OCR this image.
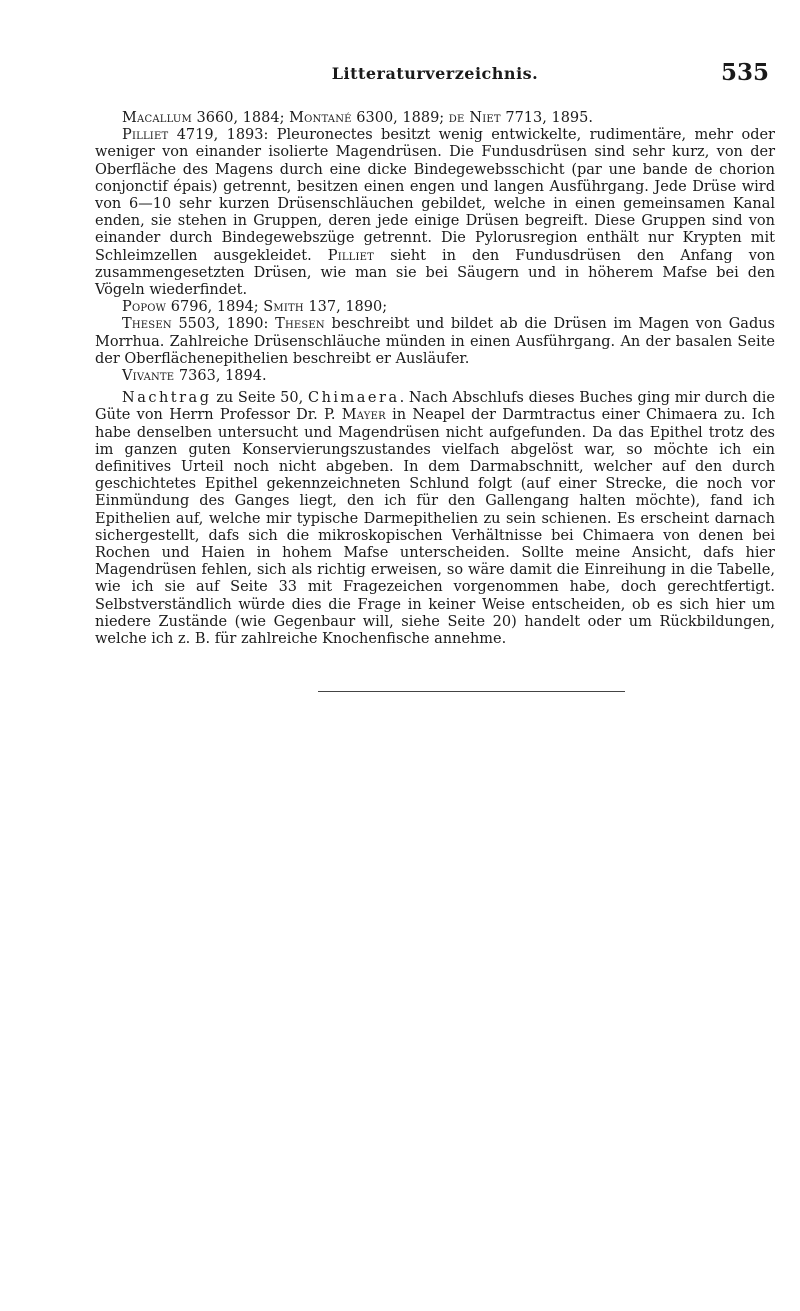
Litteraturverzeichnis.	535

Macallum 3660, 1884; Montané 6300, 1889; de Niet 7713, 1895.

Pilliet 4719, 1893: Pleuronectes besitzt wenig entwickelte, rudimentäre, mehr oder weniger von einander isolierte Magendrüsen. Die Fundusdrüsen sind sehr kurz, von der Oberfläche des Magens durch eine dicke Bindegewebsschicht (par une bande de chorion conjonctif épais) getrennt, besitzen einen engen und langen Ausführgang. Jede Drüse wird von 6—10 sehr kurzen Drüsenschläuchen gebildet, welche in einen gemeinsamen Kanal enden, sie stehen in Gruppen, deren jede einige Drüsen begreift. Diese Gruppen sind von einander durch Bindegewebszüge getrennt. Die Pylorusregion enthält nur Krypten mit Schleimzellen ausgekleidet. Pilliet sieht in den Fundusdrüsen den Anfang von zusammengesetzten Drüsen, wie man sie bei Säugern und in höherem Mafse bei den Vögeln wiederfindet.

Popow 6796, 1894; Smith 137, 1890;

Thesen 5503, 1890: Thesen beschreibt und bildet ab die Drüsen im Magen von Gadus Morrhua. Zahlreiche Drüsenschläuche münden in einen Ausführgang. An der basalen Seite der Oberflächenepithelien beschreibt er Ausläufer.

Vivante 7363, 1894.

Nachtrag zu Seite 50, Chimaera. Nach Abschlufs dieses Buches ging mir durch die Güte von Herrn Professor Dr. P. Mayer in Neapel der Darmtractus einer Chimaera zu. Ich habe denselben untersucht und Magendrüsen nicht aufgefunden. Da das Epithel trotz des im ganzen guten Konservierungszustandes vielfach abgelöst war, so möchte ich ein definitives Urteil noch nicht abgeben. In dem Darmabschnitt, welcher auf den durch geschichtetes Epithel gekennzeichneten Schlund folgt (auf einer Strecke, die noch vor Einmündung des Ganges liegt, den ich für den Gallengang halten möchte), fand ich Epithelien auf, welche mir typische Darmepithelien zu sein schienen. Es erscheint darnach sichergestellt, dafs sich die mikroskopischen Verhältnisse bei Chimaera von denen bei Rochen und Haien in hohem Mafse unterscheiden. Sollte meine Ansicht, dafs hier Magendrüsen fehlen, sich als richtig erweisen, so wäre damit die Einreihung in die Tabelle, wie ich sie auf Seite 33 mit Fragezeichen vorgenommen habe, doch gerechtfertigt. Selbstverständlich würde dies die Frage in keiner Weise entscheiden, ob es sich hier um niedere Zustände (wie Gegenbaur will, siehe Seite 20) handelt oder um Rückbildungen, welche ich z. B. für zahlreiche Knochenfische annehme.
